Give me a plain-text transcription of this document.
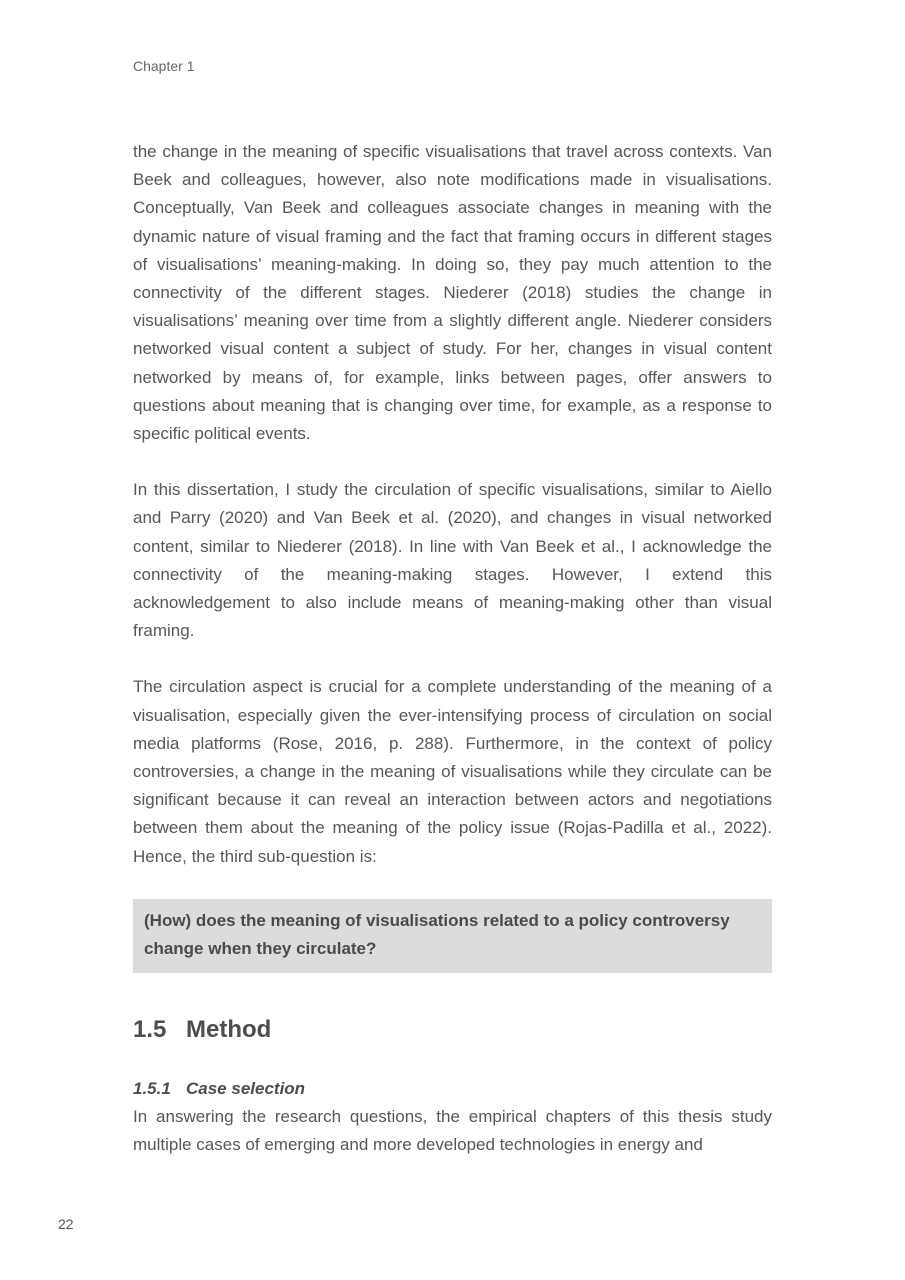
Chapter 1

the change in the meaning of specific visualisations that travel across contexts. Van Beek and colleagues, however, also note modifications made in visualisations. Conceptually, Van Beek and colleagues associate changes in meaning with the dynamic nature of visual framing and the fact that framing occurs in different stages of visualisations’ meaning-making. In doing so, they pay much attention to the connectivity of the different stages. Niederer (2018) studies the change in visualisations’ meaning over time from a slightly different angle. Niederer considers networked visual content a subject of study. For her, changes in visual content networked by means of, for example, links between pages, offer answers to questions about meaning that is changing over time, for example, as a response to specific political events.

In this dissertation, I study the circulation of specific visualisations, similar to Aiello and Parry (2020) and Van Beek et al. (2020), and changes in visual networked content, similar to Niederer (2018). In line with Van Beek et al., I acknowledge the connectivity of the meaning-making stages. However, I extend this acknowledgement to also include means of meaning-making other than visual framing.

The circulation aspect is crucial for a complete understanding of the meaning of a visualisation, especially given the ever-intensifying process of circulation on social media platforms (Rose, 2016, p. 288). Furthermore, in the context of policy controversies, a change in the meaning of visualisations while they circulate can be significant because it can reveal an interaction between actors and negotiations between them about the meaning of the policy issue (Rojas-Padilla et al., 2022). Hence, the third sub-question is:

(How) does the meaning of visualisations related to a policy controversy change when they circulate?
1.5 Method
1.5.1 Case selection

In answering the research questions, the empirical chapters of this thesis study multiple cases of emerging and more developed technologies in energy and

22
